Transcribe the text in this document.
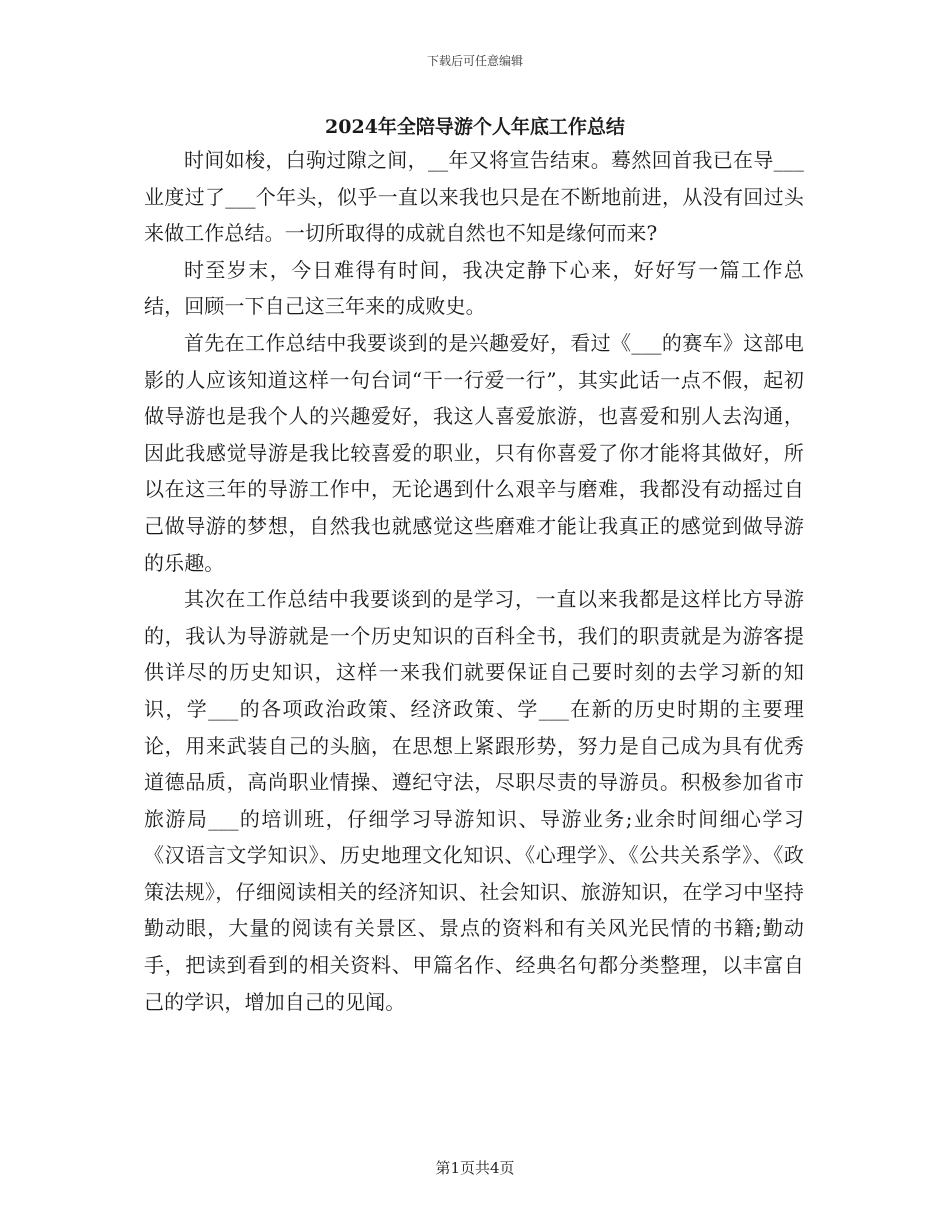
下载后可任意编辑
2024年全陪导游个人年底工作总结

时间如梭，白驹过隙之间，__年又将宣告结束。蓦然回首我已在导___业度过了___个年头，似乎一直以来我也只是在不断地前进，从没有回过头来做工作总结。一切所取得的成就自然也不知是缘何而来?

时至岁末，今日难得有时间，我决定静下心来，好好写一篇工作总结，回顾一下自己这三年来的成败史。

首先在工作总结中我要谈到的是兴趣爱好，看过《___的赛车》这部电影的人应该知道这样一句台词“干一行爱一行”，其实此话一点不假，起初做导游也是我个人的兴趣爱好，我这人喜爱旅游，也喜爱和别人去沟通，因此我感觉导游是我比较喜爱的职业，只有你喜爱了你才能将其做好，所以在这三年的导游工作中，无论遇到什么艰辛与磨难，我都没有动摇过自己做导游的梦想，自然我也就感觉这些磨难才能让我真正的感觉到做导游的乐趣。

其次在工作总结中我要谈到的是学习，一直以来我都是这样比方导游的，我认为导游就是一个历史知识的百科全书，我们的职责就是为游客提供详尽的历史知识，这样一来我们就要保证自己要时刻的去学习新的知识，学___的各项政治政策、经济政策、学___在新的历史时期的主要理论，用来武装自己的头脑，在思想上紧跟形势，努力是自己成为具有优秀道德品质，高尚职业情操、遵纪守法，尽职尽责的导游员。积极参加省市旅游局___的培训班，仔细学习导游知识、导游业务;业余时间细心学习《汉语言文学知识》、历史地理文化知识、《心理学》、《公共关系学》、《政策法规》，仔细阅读相关的经济知识、社会知识、旅游知识，在学习中坚持勤动眼，大量的阅读有关景区、景点的资料和有关风光民情的书籍;勤动手，把读到看到的相关资料、甲篇名作、经典名句都分类整理，以丰富自己的学识，增加自己的见闻。

第1页共4页
